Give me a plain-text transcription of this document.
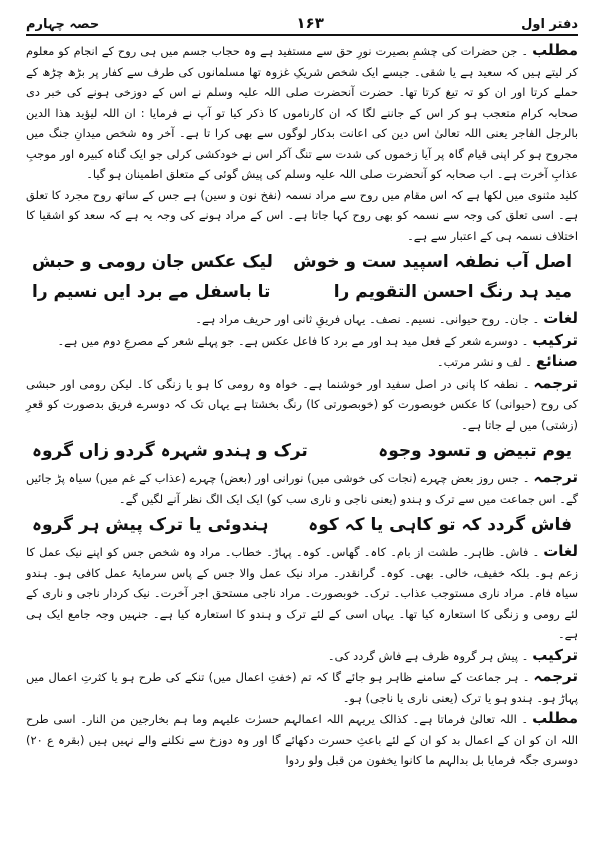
دفتر اول
۱۶۳
حصہ چہارم

مطلب۔ جن حضرات کی چشمِ بصیرت نورِ حق سے مستفید ہے وہ حجاب جسم میں ہی روح کے انجام کو معلوم کر لیتے ہیں کہ سعید ہے یا شقی۔ جیسے ایک شخص شریکِ غزوہ تھا مسلمانوں کی طرف سے کفار پر بڑھ چڑھ کے حملے کرتا اور ان کو تہ تیغ کرتا تھا۔ حضرت آنحضرت صلی اللہ علیہ وسلم نے اس کے دوزخی ہونے کی خبر دی صحابہ کرام متعجب ہو کر اس کے جاننے لگا کہ ان کارناموں کا ذکر کیا تو آپ نے فرمایا : ان اللہ لیؤید ھذا الدین بالرجل الفاجر یعنی اللہ تعالیٰ اس دین کی اعانت بدکار لوگوں سے بھی کرا تا ہے۔ آخر وہ شخص میدانِ جنگ میں مجروح ہو کر اپنی قیام گاہ پر آیا زخموں کی شدت سے تنگ آکر اس نے خودکشی کرلی جو ایک گناہ کبیرہ اور موجبِ عذابِ آخرت ہے۔ اب صحابہ کو آنحضرت صلی اللہ علیہ وسلم کی پیش گوئی کے متعلق اطمینان ہو گیا۔

کلید مثنوی میں لکھا ہے کہ اس مقام میں روح سے مراد نسمہ (نفخ نون و سین) ہے جس کے ساتھ روح مجرد کا تعلق ہے۔ اسی تعلق کی وجہ سے نسمہ کو بھی روح کہا جاتا ہے۔ اس کے مراد ہونے کی وجہ یہ ہے کہ سعد کو اشقیا کا اختلاف نسمہ ہی کے اعتبار سے ہے۔

اصل آب نطفہ اسپید ست و خوش
لیک عکس جان رومی و حبش
مید ہد رنگ احسن التقویم را
تا باسفل مے برد ایں نسیم را

لغات۔ جان۔ روح حیوانی۔ نسیم۔ نصف۔ یہاں فریقِ ثانی اور حریف مراد ہے۔

ترکیب۔ دوسرے شعر کے فعل مید ہد اور مے برد کا فاعل عکس ہے۔ جو پہلے شعر کے مصرعِ دوم میں ہے۔

صنائع۔ لف و نشر مرتب۔

ترجمہ۔ نطفہ کا پانی در اصل سفید اور خوشنما ہے۔ خواہ وہ رومی کا ہو یا زنگی کا۔ لیکن رومی اور حبشی کی روح (حیوانی) کا عکس خوبصورت کو (خوبصورتی کا) رنگ بخشتا ہے یہاں تک کہ دوسرے فریق بدصورت کو قعرِ (زشتی) میں لے جاتا ہے۔

یوم تبیض و تسود وجوہ
ترک و ہندو شہرہ گردو زاں گروہ

ترجمہ۔ جس روز بعض چہرے (نجات کی خوشی میں) نورانی اور (بعض) چہرے (عذاب کے غم میں) سیاہ پڑ جائیں گے۔ اس جماعت میں سے ترک و ہندو (یعنی ناجی و ناری سب کو) ایک ایک الگ نظر آنے لگیں گے۔

فاش گردد کہ تو کاہی یا کہ کوہ
ہندوئی یا ترک پیش ہر گروہ

لغات۔ فاش۔ ظاہر۔ طشت از بام۔ کاہ۔ گھاس۔ کوہ۔ پہاڑ۔ خطاب۔ مراد وہ شخص جس کو اپنے نیک عمل کا زعم ہو۔ بلکہ خفیف، خالی۔ بھی۔ کوہ۔ گرانقدر۔ مراد نیک عمل والا جس کے پاس سرمایۂ عمل کافی ہو۔ ہندو سیاہ فام۔ مراد ناری مستوجب عذاب۔ ترک۔ خوبصورت۔ مراد ناجی مستحق اجر آخرت۔ نیک کردار ناجی و ناری کے لئے رومی و زنگی کا استعارہ کیا تھا۔ یہاں اسی کے لئے ترک و ہندو کا استعارہ کیا ہے۔ جنہیں وجہ جامع ایک ہی ہے۔

ترکیب۔ پیش ہر گروہ ظرف ہے فاش گردد کی۔

ترجمہ۔ ہر جماعت کے سامنے ظاہر ہو جائے گا کہ تم (خفتِ اعمال میں) تنکے کی طرح ہو یا کثرتِ اعمال میں پہاڑ ہو۔ ہندو ہو یا ترک (یعنی ناری یا ناجی) ہو۔

مطلب۔ اللہ تعالیٰ فرماتا ہے۔ کذالک یریہم اللہ اعمالہم حسرٰت علیہم وما ہم بخارجین من النار۔ اسی طرح اللہ ان کو ان کے اعمال بد کو ان کے لئے باعثِ حسرت دکھائے گا اور وہ دوزخ سے نکلنے والے نہیں ہیں (بقرہ ع ۲۰) دوسری جگہ فرمایا بل بدالہم ما کانوا یخفون من قبل ولو ردوا
